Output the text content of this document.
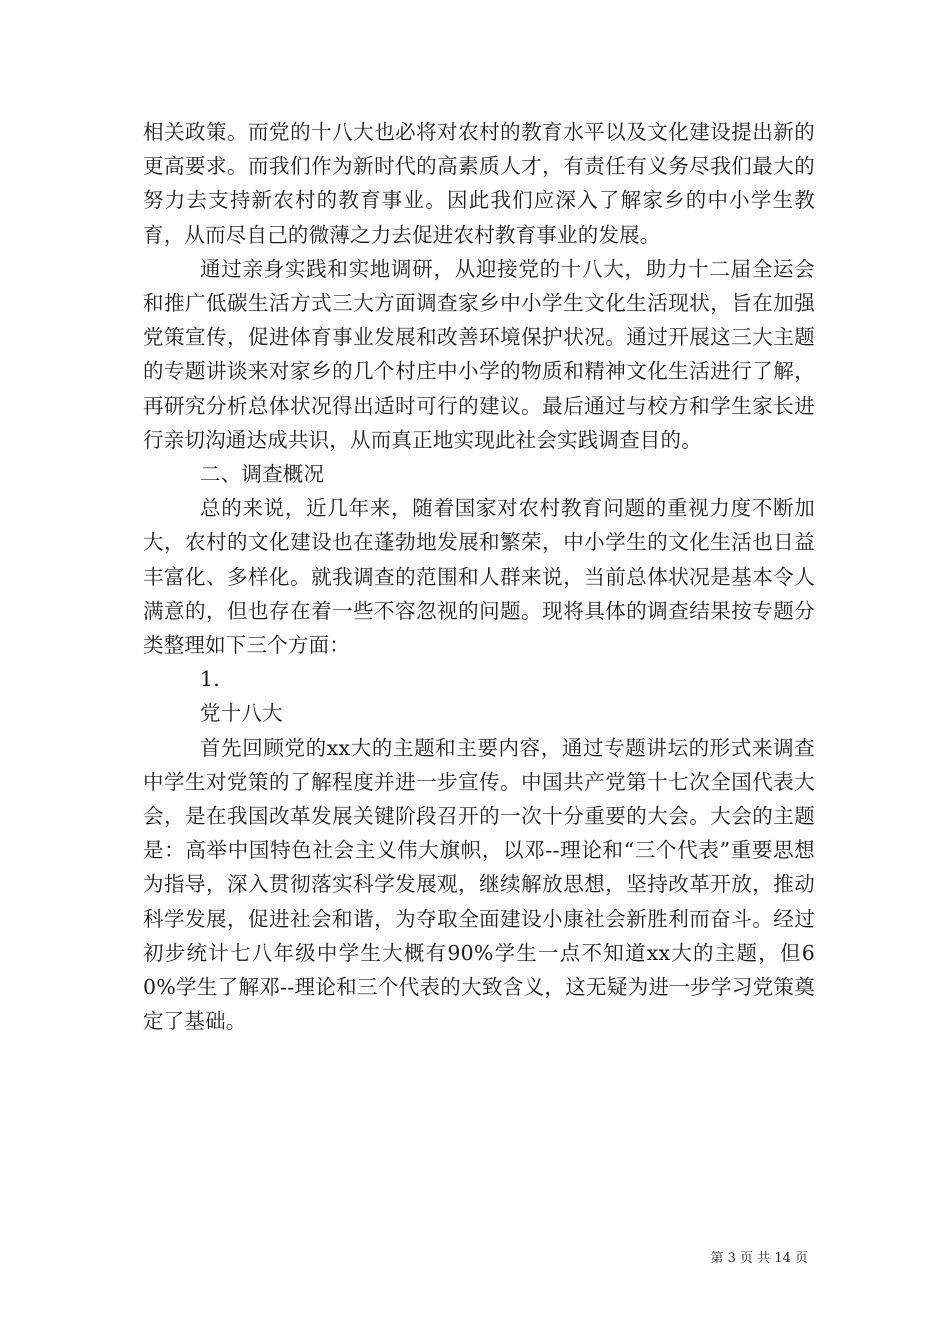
相关政策。而党的十八大也必将对农村的教育水平以及文化建设提出新的更高要求。而我们作为新时代的高素质人才，有责任有义务尽我们最大的努力去支持新农村的教育事业。因此我们应深入了解家乡的中小学生教育，从而尽自己的微薄之力去促进农村教育事业的发展。

通过亲身实践和实地调研，从迎接党的十八大，助力十二届全运会和推广低碳生活方式三大方面调查家乡中小学生文化生活现状，旨在加强党策宣传，促进体育事业发展和改善环境保护状况。通过开展这三大主题的专题讲谈来对家乡的几个村庄中小学的物质和精神文化生活进行了解，再研究分析总体状况得出适时可行的建议。最后通过与校方和学生家长进行亲切沟通达成共识，从而真正地实现此社会实践调查目的。

二、调查概况

总的来说，近几年来，随着国家对农村教育问题的重视力度不断加大，农村的文化建设也在蓬勃地发展和繁荣，中小学生的文化生活也日益丰富化、多样化。就我调查的范围和人群来说，当前总体状况是基本令人满意的，但也存在着一些不容忽视的问题。现将具体的调查结果按专题分类整理如下三个方面：

1.

党十八大

首先回顾党的xx大的主题和主要内容，通过专题讲坛的形式来调查中学生对党策的了解程度并进一步宣传。中国共产党第十七次全国代表大会，是在我国改革发展关键阶段召开的一次十分重要的大会。大会的主题是：高举中国特色社会主义伟大旗帜，以邓--理论和“三个代表”重要思想为指导，深入贯彻落实科学发展观，继续解放思想，坚持改革开放，推动科学发展，促进社会和谐，为夺取全面建设小康社会新胜利而奋斗。经过初步统计七八年级中学生大概有90%学生一点不知道xx大的主题，但60%学生了解邓--理论和三个代表的大致含义，这无疑为进一步学习党策奠定了基础。

第 3 页 共 14 页
